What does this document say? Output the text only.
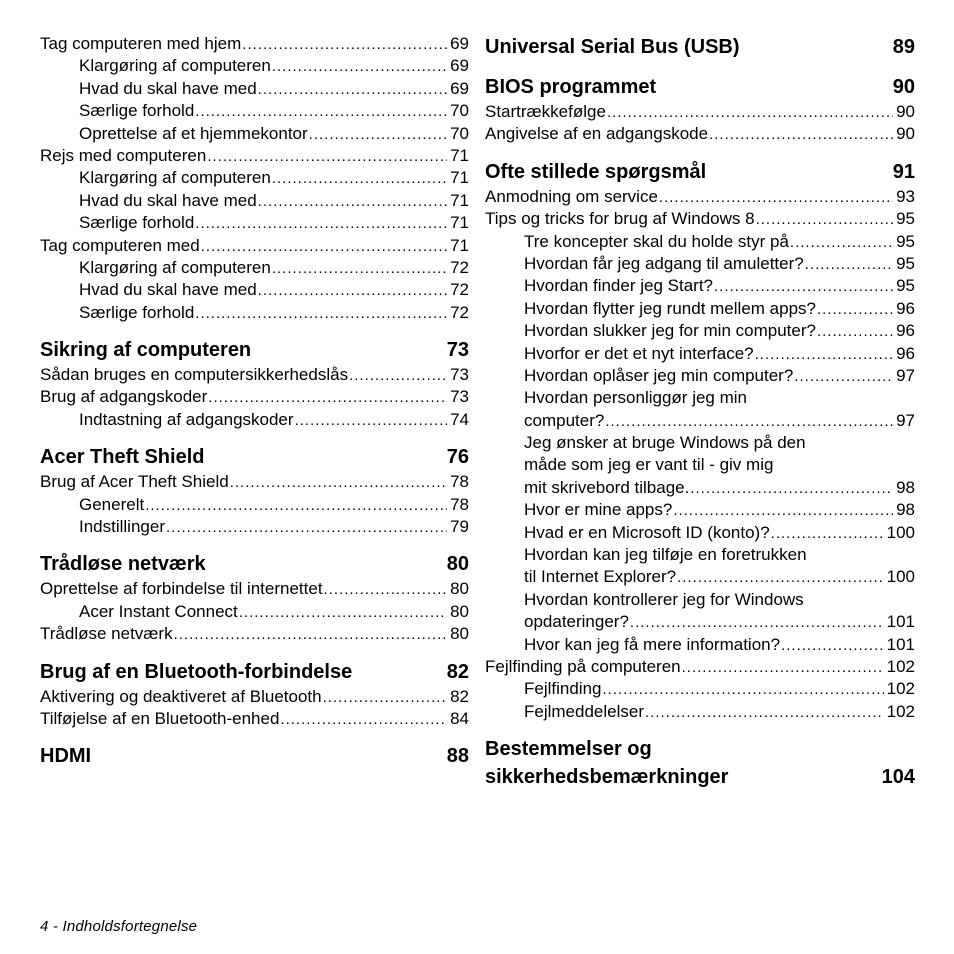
Tag computeren med hjem .....	69
Klargøring af computeren .....	69
Hvad du skal have med .....	69
Særlige forhold .....	70
Oprettelse af et hjemmekontor .....	70
Rejs med computeren .....	71
Klargøring af computeren .....	71
Hvad du skal have med .....	71
Særlige forhold .....	71
Tag computeren med .....	71
Klargøring af computeren .....	72
Hvad du skal have med .....	72
Særlige forhold .....	72
Sikring af computeren	73
Sådan bruges en computersikkerhedslås .....	73
Brug af adgangskoder .....	73
Indtastning af adgangskoder .....	74
Acer Theft Shield	76
Brug af Acer Theft Shield .....	78
Generelt .....	78
Indstillinger .....	79
Trådløse netværk	80
Oprettelse af forbindelse til internettet .....	80
Acer Instant Connect .....	80
Trådløse netværk .....	80
Brug af en Bluetooth-forbindelse	82
Aktivering og deaktiveret af Bluetooth .....	82
Tilføjelse af en Bluetooth-enhed .....	84
HDMI	88
Universal Serial Bus (USB)	89
BIOS programmet	90
Startrækkefølge .....	90
Angivelse af en adgangskode .....	90
Ofte stillede spørgsmål	91
Anmodning om service .....	93
Tips og tricks for brug af Windows 8 .....	95
Tre koncepter skal du holde styr på .....	95
Hvordan får jeg adgang til amuletter? .....	95
Hvordan finder jeg Start? .....	95
Hvordan flytter jeg rundt mellem apps? .....	96
Hvordan slukker jeg for min computer? .....	96
Hvorfor er det et nyt interface? .....	96
Hvordan oplåser jeg min computer? .....	97
Hvordan personliggør jeg min
computer? .....	97
Jeg ønsker at bruge Windows på den
måde som jeg er vant til - giv mig
mit skrivebord tilbage. .....	98
Hvor er mine apps? .....	98
Hvad er en Microsoft ID (konto)? .....	100
Hvordan kan jeg tilføje en foretrukken
til Internet Explorer? .....	100
Hvordan kontrollerer jeg for Windows
opdateringer? .....	101
Hvor kan jeg få mere information? .....	101
Fejlfinding på computeren .....	102
Fejlfinding .....	102
Fejlmeddelelser .....	102
Bestemmelser og
sikkerhedsbemærkninger	104
4 - Indholdsfortegnelse
